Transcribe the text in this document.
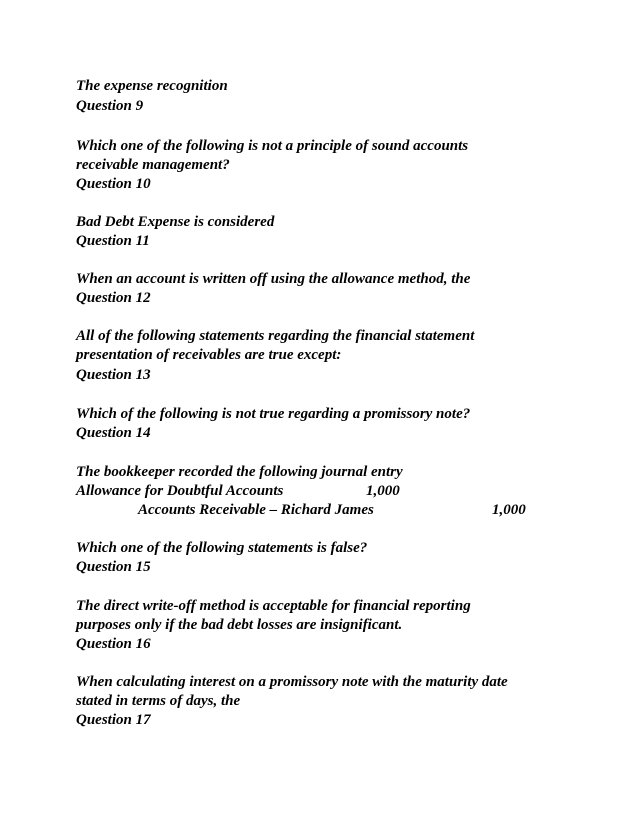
The expense recognition
Question 9
Which one of the following is not a principle of sound accounts
receivable management?
Question 10
Bad Debt Expense is considered
Question 11
When an account is written off using the allowance method, the
Question 12
All of the following statements regarding the financial statement
presentation of receivables are true except:
Question 13
Which of the following is not true regarding a promissory note?
Question 14
The bookkeeper recorded the following journal entry
Allowance for Doubtful Accounts	1,000
Accounts Receivable – Richard James	1,000
Which one of the following statements is false?
Question 15
The direct write-off method is acceptable for financial reporting
purposes only if the bad debt losses are insignificant.
Question 16
When calculating interest on a promissory note with the maturity date
stated in terms of days, the
Question 17
